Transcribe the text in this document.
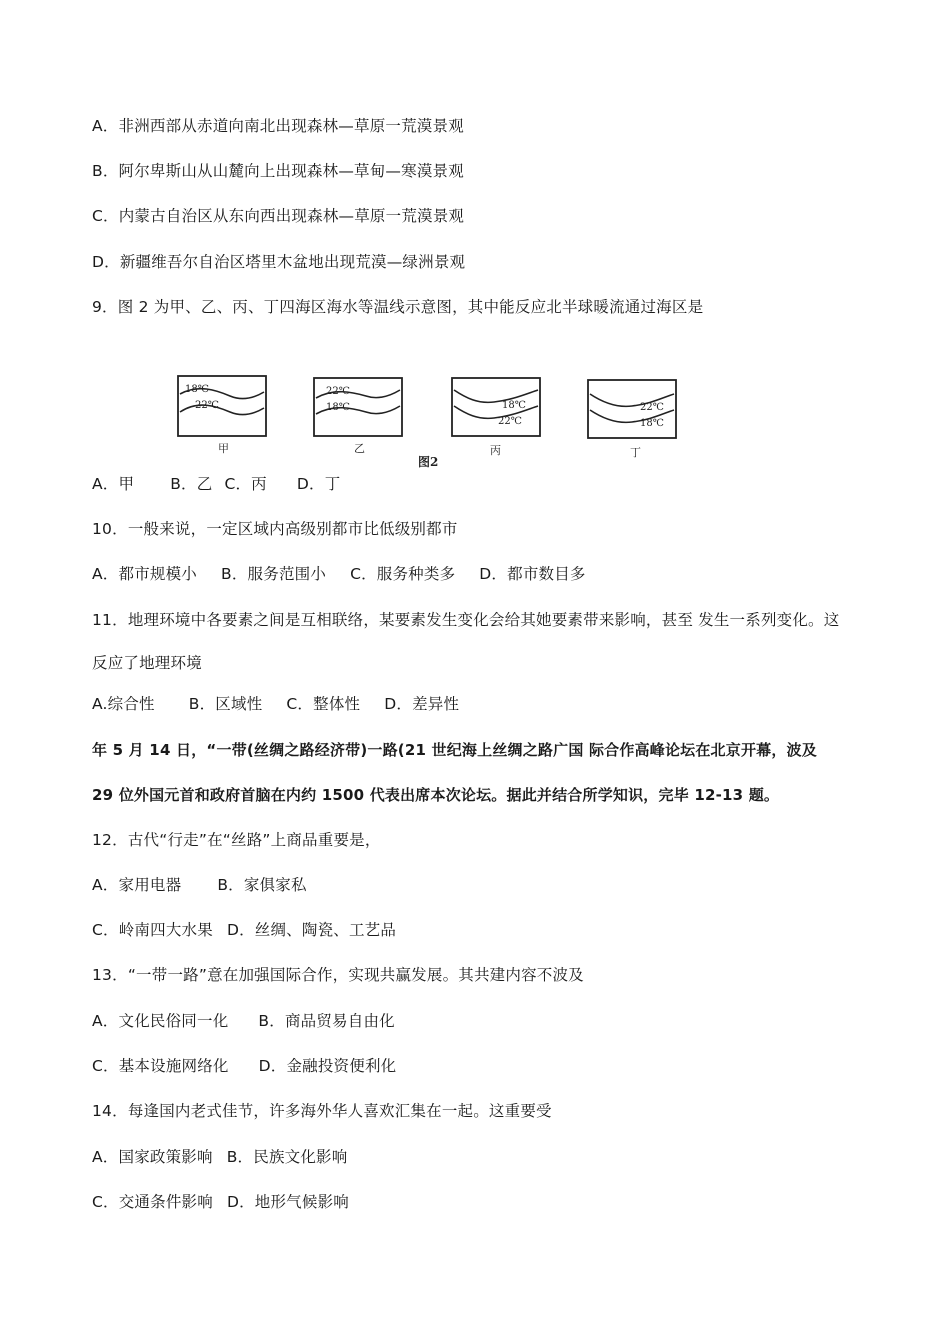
A．非洲西部从赤道向南北出现森林—草原一荒漠景观
B．阿尔卑斯山从山麓向上出现森林—草甸—寒漠景观
C．内蒙古自治区从东向西出现森林—草原一荒漠景观
D．新疆维吾尔自治区塔里木盆地出现荒漠—绿洲景观
9．图 2 为甲、乙、丙、丁四海区海水等温线示意图，其中能反应北半球暖流通过海区是
18℃
22℃
甲
22℃
18℃
乙
18℃
22℃
丙
22℃
18℃
丁
图2
A．甲 B．乙 C．丙 D．丁
10．一般来说，一定区域内高级别都市比低级别都市
A．都市规模小 B．服务范围小 C．服务种类多 D．都市数目多
11．地理环境中各要素之间是互相联络，某要素发生变化会给其她要素带来影响，甚至 发生一系列变化。这
反应了地理环境
A.综合性 B．区域性 C．整体性 D．差异性
年 5 月 14 日，“一带(丝绸之路经济带)一路(21 世纪海上丝绸之路广国 际合作高峰论坛在北京开幕，波及
29 位外国元首和政府首脑在内约 1500 代表出席本次论坛。据此并结合所学知识，完毕 12-13 题。
12．古代“行走”在“丝路”上商品重要是，
A．家用电器 B．家俱家私
C．岭南四大水果 D．丝绸、陶瓷、工艺品
13．“一带一路”意在加强国际合作，实现共赢发展。其共建内容不波及
A．文化民俗同一化 B．商品贸易自由化
C．基本设施网络化 D．金融投资便利化
14．每逢国内老式佳节，许多海外华人喜欢汇集在一起。这重要受
A．国家政策影响 B．民族文化影响
C．交通条件影响 D．地形气候影响
